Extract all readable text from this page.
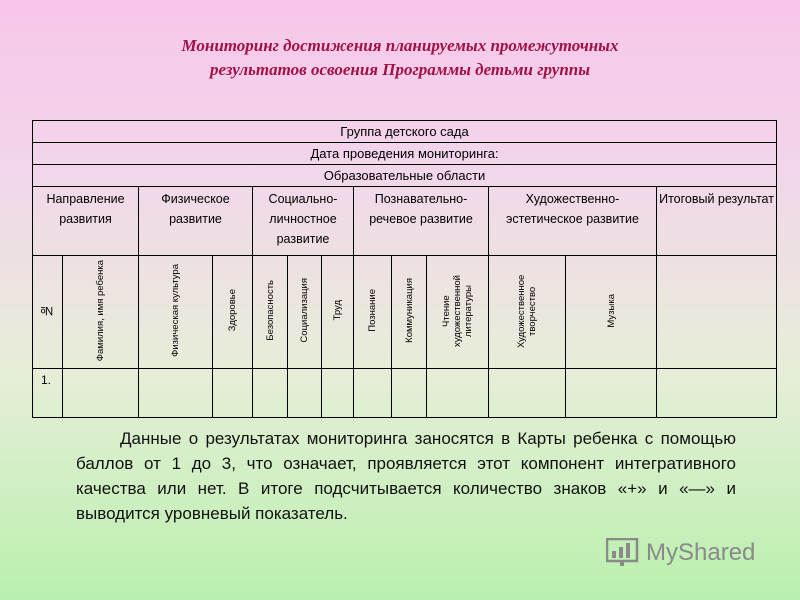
Мониторинг достижения планируемых промежуточных
результатов освоения Программы детьми группы
Группа детского сада												
Дата проведения мониторинга:												
Образовательные области												
Направление развития		Физическое развитие		Социально-личностное развитие			Познавательно-речевое развитие			Художественно-эстетическое развитие		Итоговый результат
№	Фамилия, имя ребенка	Физическая культура	Здоровье	Безопасность	Социализация	Труд	Познание	Коммуникация	Чтение художественной литературы	Художественное творчество	Музыка	
1.												

Данные о результатах мониторинга заносятся в Карты ребенка с помощью баллов от 1 до 3, что означает, проявляется этот компонент интегративного качества или нет. В итоге подсчитывается количество знаков «+» и «—» и выводится уровневый показатель.

MyShared
